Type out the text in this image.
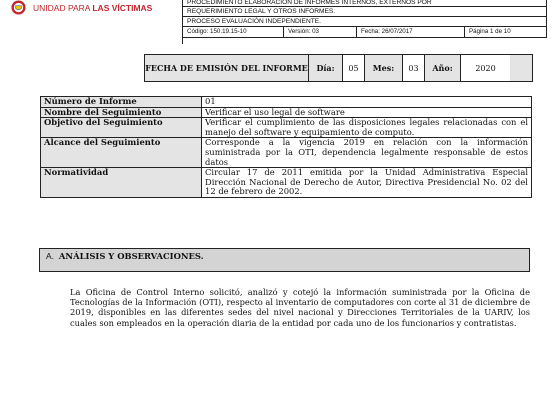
UNIDAD PARA LAS VÍCTIMAS
PROCEDIMIENTO ELABORACIÓN DE INFORMES INTERNOS, EXTERNOS POR
REQUERIMIENTO LEGAL Y OTROS INFORMES.
PROCESO EVALUACIÓN INDEPENDIENTE.
Código: 150.19.15-10	Versión: 03	Fecha: 26/07/2017	Página 1 de 10
FECHA DE EMISIÓN DEL INFORME	Día:	05	Mes:	03	Año:	2020
Número de Informe	01
Nombre del Seguimiento	Verificar el uso legal de software
Objetivo del Seguimiento	Verificar el cumplimiento de las disposiciones legales relacionadas con el manejo del software y equipamiento de computo.
Alcance del Seguimiento	Corresponde a la vigencia 2019 en relación con la información suministrada por la OTI, dependencia legalmente responsable de estos datos
Normatividad	Circular 17 de 2011 emitida por la Unidad Administrativa Especial Dirección Nacional de Derecho de Autor, Directiva Presidencial No. 02 del 12 de febrero de 2002.
A. ANÁLISIS Y OBSERVACIONES.

La Oficina de Control Interno solicitó, analizó y cotejó la información suministrada por la Oficina de Tecnologías de la Información (OTI), respecto al inventario de computadores con corte al 31 de diciembre de 2019, disponibles en las diferentes sedes del nivel nacional y Direcciones Territoriales de la UARIV, los cuales son empleados en la operación diaria de la entidad por cada uno de los funcionarios y contratistas.
